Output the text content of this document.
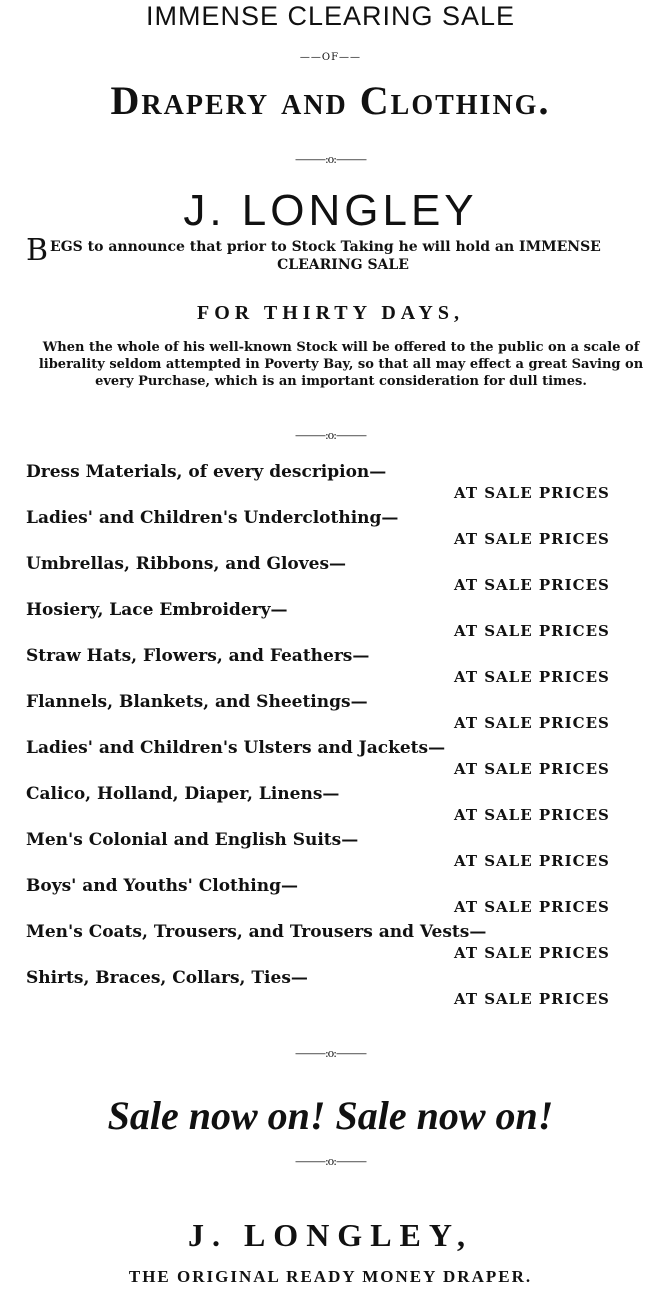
IMMENSE CLEARING SALE
——OF——
Drapery and Clothing.
———:o:———
J. LONGLEY
B EGS to announce that prior to Stock Taking he will hold an IMMENSE
CLEARING SALE
FOR THIRTY DAYS,
When the whole of his well-known Stock will be offered to the public on a scale of liberality seldom attempted in Poverty Bay, so that all may effect a great Saving on every Purchase, which is an important consideration for dull times.
———:o:———
Dress Materials, of every descripion—
AT SALE PRICES
Ladies' and Children's Underclothing—
AT SALE PRICES
Umbrellas, Ribbons, and Gloves—
AT SALE PRICES
Hosiery, Lace Embroidery—
AT SALE PRICES
Straw Hats, Flowers, and Feathers—
AT SALE PRICES
Flannels, Blankets, and Sheetings—
AT SALE PRICES
Ladies' and Children's Ulsters and Jackets—
AT SALE PRICES
Calico, Holland, Diaper, Linens—
AT SALE PRICES
Men's Colonial and English Suits—
AT SALE PRICES
Boys' and Youths' Clothing—
AT SALE PRICES
Men's Coats, Trousers, and Trousers and Vests—
AT SALE PRICES
Shirts, Braces, Collars, Ties—
AT SALE PRICES
———:o:———
Sale now on! Sale now on!
———:o:———
J. LONGLEY,
THE ORIGINAL READY MONEY DRAPER.
